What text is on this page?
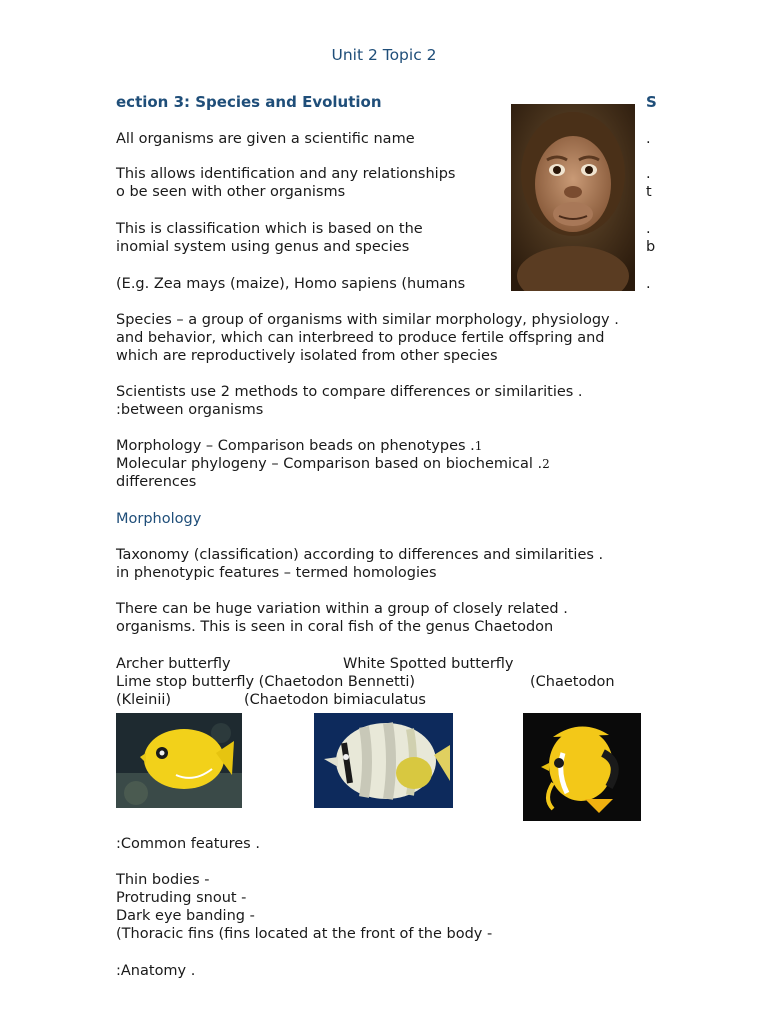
Unit 2 Topic 2
ection 3: Species and Evolution	S
.
.
t
.
b
.
All organisms are given a scientific name
This allows identification and any relationships
o be seen with other organisms
This is classification which is based on the
inomial system using genus and species
(E.g. Zea mays (maize), Homo sapiens (humans
Species – a group of organisms with similar morphology, physiology .
and behavior, which can interbreed to produce fertile offspring and
which are reproductively isolated from other species
Scientists use 2 methods to compare differences or similarities .
:between organisms
Morphology – Comparison beads on phenotypes .1
Molecular phylogeny – Comparison based on biochemical .2
differences
Morphology
Taxonomy (classification) according to differences and similarities .
in phenotypic features – termed homologies
There can be huge variation within a group of closely related .
organisms. This is seen in coral fish of the genus Chaetodon
Archer butterfly	White Spotted butterfly
Lime stop butterfly (Chaetodon Bennetti)	(Chaetodon
(Kleinii)	(Chaetodon bimiaculatus
:Common features .
Thin bodies -
Protruding snout -
Dark eye banding -
(Thoracic fins (fins located at the front of the body -
:Anatomy .
